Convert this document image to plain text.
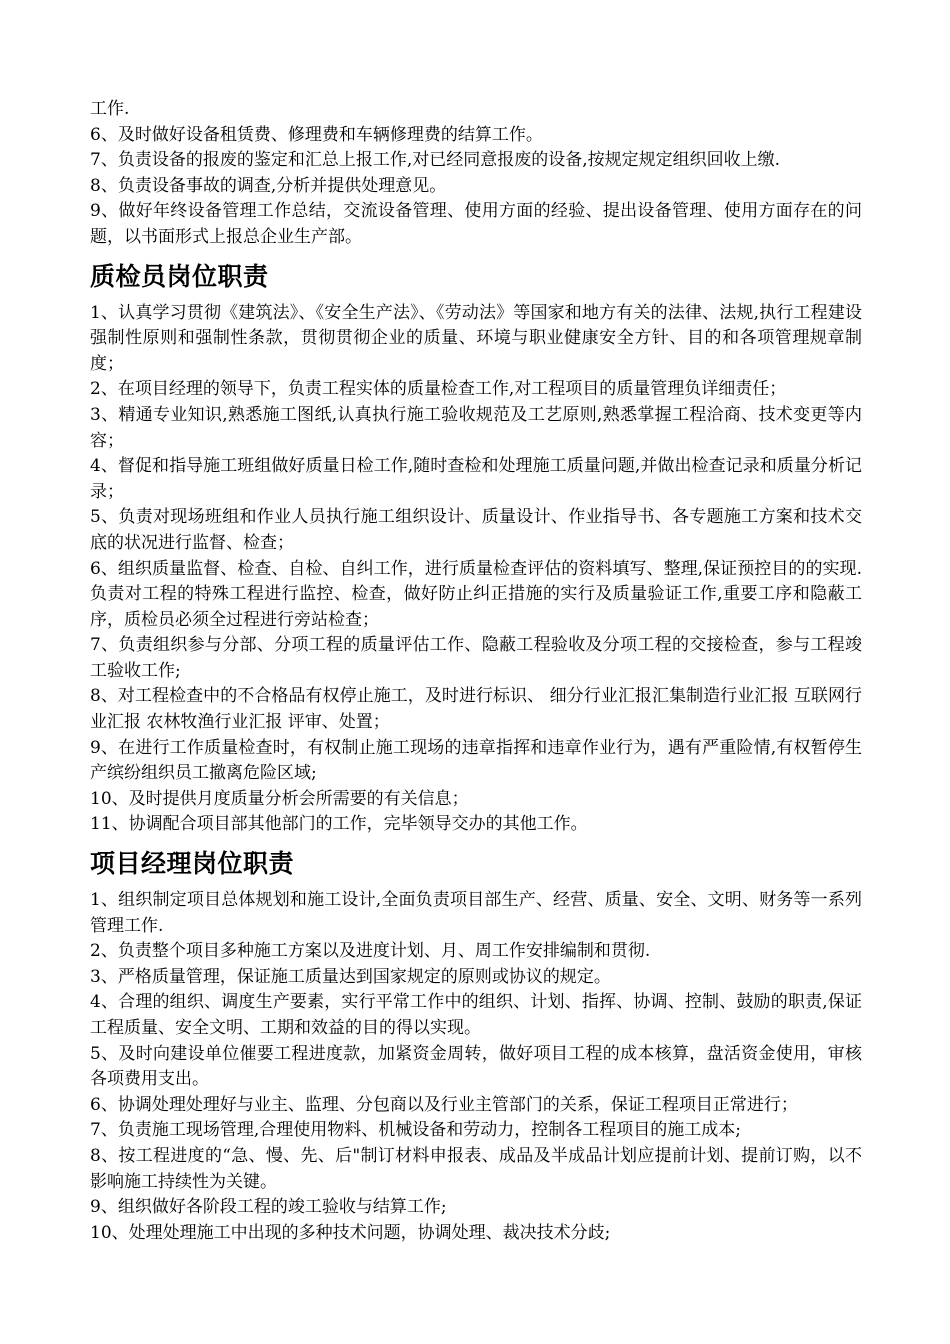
工作.

6、及时做好设备租赁费、修理费和车辆修理费的结算工作。

7、负责设备的报废的鉴定和汇总上报工作,对已经同意报废的设备,按规定规定组织回收上缴.

8、负责设备事故的调查,分析并提供处理意见。

9、做好年终设备管理工作总结，交流设备管理、使用方面的经验、提出设备管理、使用方面存在的问题，以书面形式上报总企业生产部。

质检员岗位职责

1、认真学习贯彻《建筑法》、《安全生产法》、《劳动法》等国家和地方有关的法律、法规,执行工程建设强制性原则和强制性条款，贯彻贯彻企业的质量、环境与职业健康安全方针、目的和各项管理规章制度；

2、在项目经理的领导下，负责工程实体的质量检查工作,对工程项目的质量管理负详细责任；

3、精通专业知识,熟悉施工图纸,认真执行施工验收规范及工艺原则,熟悉掌握工程洽商、技术变更等内容；

4、督促和指导施工班组做好质量日检工作,随时查检和处理施工质量问题,并做出检查记录和质量分析记录；

5、负责对现场班组和作业人员执行施工组织设计、质量设计、作业指导书、各专题施工方案和技术交底的状况进行监督、检查；

6、组织质量监督、检查、自检、自纠工作，进行质量检查评估的资料填写、整理,保证预控目的的实现.负责对工程的特殊工程进行监控、检查，做好防止纠正措施的实行及质量验证工作,重要工序和隐蔽工序，质检员必须全过程进行旁站检查；

7、负责组织参与分部、分项工程的质量评估工作、隐蔽工程验收及分项工程的交接检查，参与工程竣工验收工作;

8、对工程检查中的不合格品有权停止施工，及时进行标识、 细分行业汇报汇集制造行业汇报 互联网行业汇报 农林牧渔行业汇报 评审、处置；

9、在进行工作质量检查时，有权制止施工现场的违章指挥和违章作业行为，遇有严重险情,有权暂停生产缤纷组织员工撤离危险区域;

10、及时提供月度质量分析会所需要的有关信息；

11、协调配合项目部其他部门的工作，完毕领导交办的其他工作。

项目经理岗位职责

1、组织制定项目总体规划和施工设计,全面负责项目部生产、经营、质量、安全、文明、财务等一系列管理工作.

2、负责整个项目多种施工方案以及进度计划、月、周工作安排编制和贯彻.

3、严格质量管理，保证施工质量达到国家规定的原则或协议的规定。

4、合理的组织、调度生产要素，实行平常工作中的组织、计划、指挥、协调、控制、鼓励的职责,保证工程质量、安全文明、工期和效益的目的得以实现。

5、及时向建设单位催要工程进度款，加紧资金周转，做好项目工程的成本核算，盘活资金使用，审核各项费用支出。

6、协调处理处理好与业主、监理、分包商以及行业主管部门的关系，保证工程项目正常进行；

7、负责施工现场管理,合理使用物料、机械设备和劳动力，控制各工程项目的施工成本;

8、按工程进度的“急、慢、先、后"制订材料申报表、成品及半成品计划应提前计划、提前订购，以不影响施工持续性为关键。

9、组织做好各阶段工程的竣工验收与结算工作;

10、处理处理施工中出现的多种技术问题，协调处理、裁决技术分歧;
